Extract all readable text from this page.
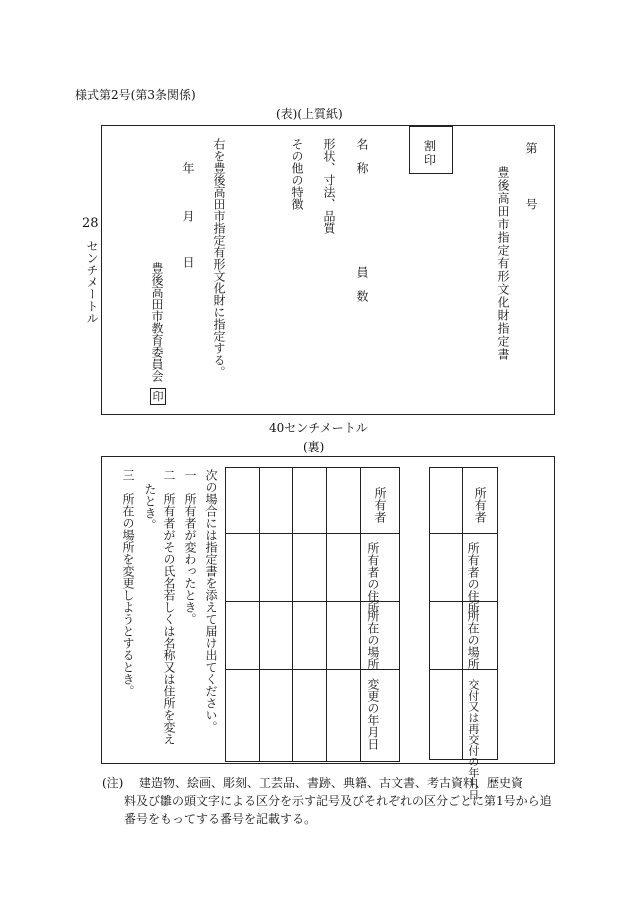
様式第2号(第3条関係)
(表)(上質紙)
28
センチメートル
第　　　号
豊後高田市指定有形文化財指定書
割
印
名　称
員　数
形状、寸法、品質
その他の特徴
右を豊後高田市指定有形文化財に指定する。
年
月
日
豊後高田市教育委員会
印
40センチメートル
(裏)
次の場合には指定書を添えて届け出てください。
一　所有者が変わったとき。
二　所有者がその氏名若しくは名称又は住所を変え
たとき。
三　所在の場所を変更しようとするとき。

				所有者

				所有者の住所
				所在の場所
				変更の年月日

	所有者

	所有者の住所
	所在の場所
	交付又は再交付の年月日
(注) 建造物、絵画、彫刻、工芸品、書跡、典籍、古文書、考古資料、歴史資
料及び雛の頭文字による区分を示す記号及びそれぞれの区分ごとに第1号から追
番号をもってする番号を記載する。
